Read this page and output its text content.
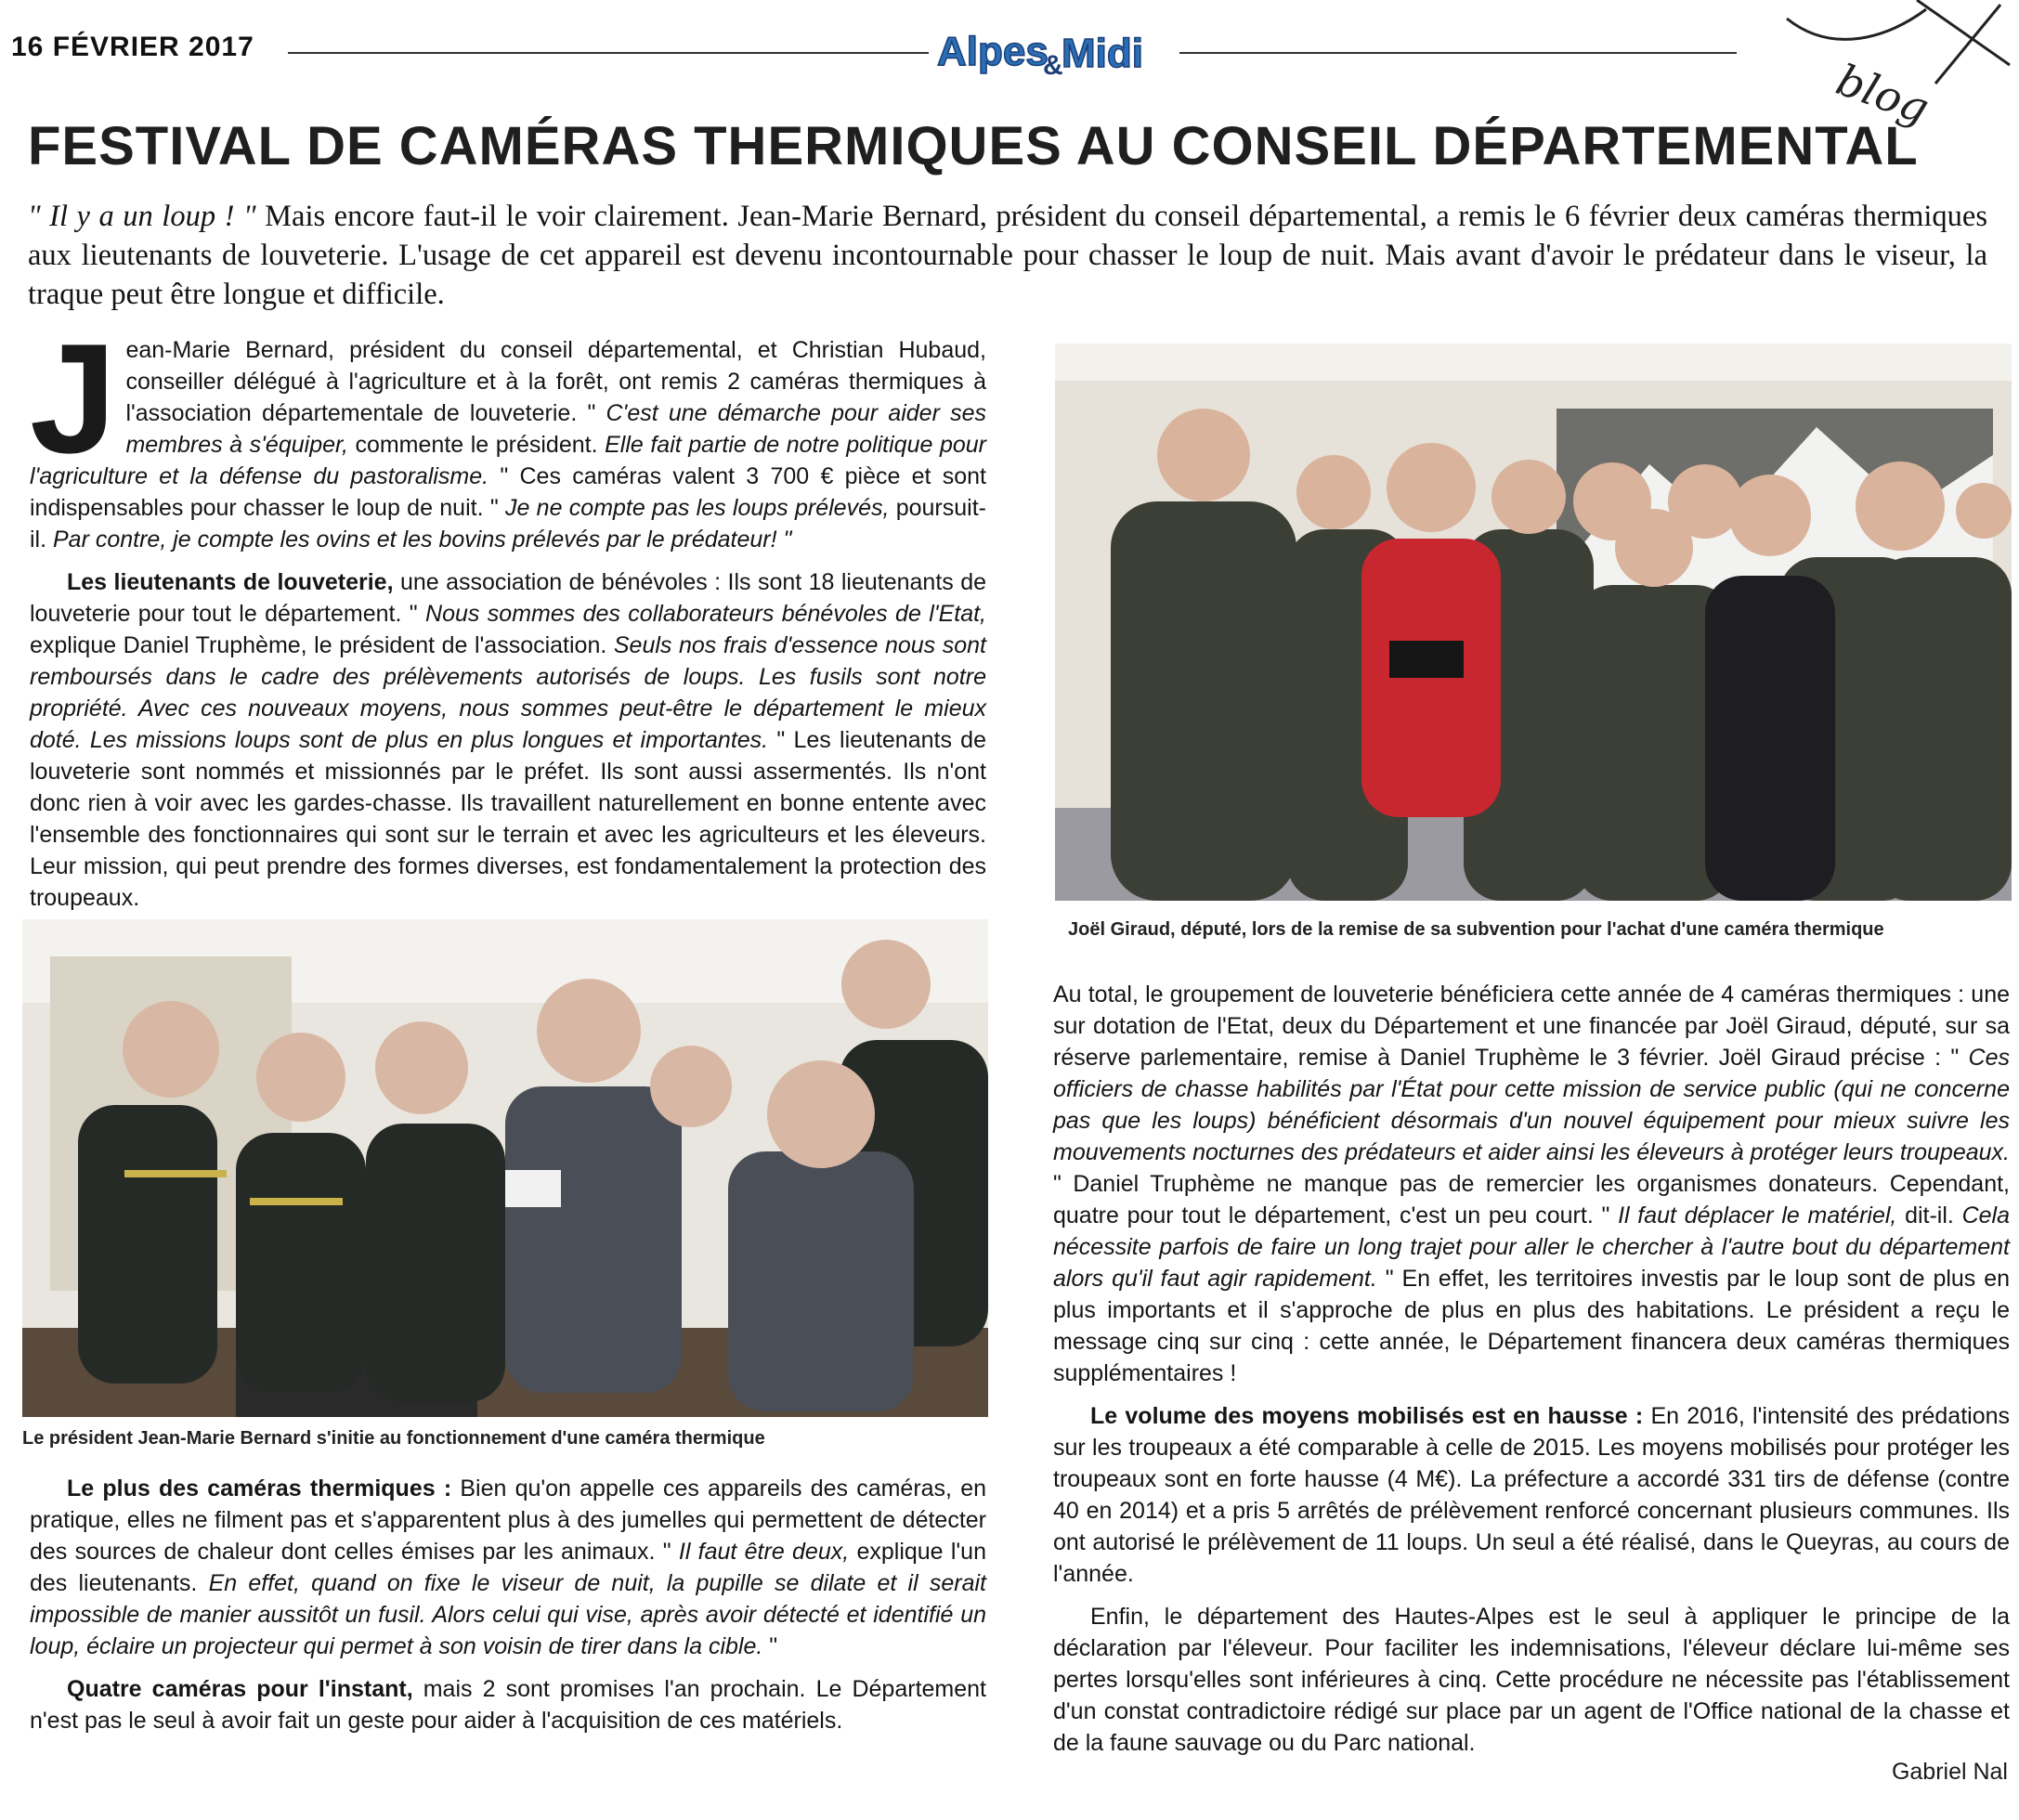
16 FÉVRIER 2017	Alpes
&
Midi
blog
FESTIVAL DE CAMÉRAS THERMIQUES AU CONSEIL DÉPARTEMENTAL
" Il y a un loup ! " Mais encore faut-il le voir clairement. Jean-Marie Bernard, président du conseil départemental, a remis le 6 février deux caméras thermiques aux lieutenants de louveterie. L'usage de cet appareil est devenu incontournable pour chasser le loup de nuit. Mais avant d'avoir le prédateur dans le viseur, la traque peut être longue et difficile.

Jean-Marie Bernard, président du conseil départemental, et Christian Hubaud, conseiller délégué à l'agriculture et à la forêt, ont remis 2 caméras thermiques à l'association départementale de louveterie. " C'est une démarche pour aider ses membres à s'équiper, commente le président. Elle fait partie de notre politique pour l'agriculture et la défense du pastoralisme. " Ces caméras valent 3 700 € pièce et sont indispensables pour chasser le loup de nuit. " Je ne compte pas les loups prélevés, poursuit-il. Par contre, je compte les ovins et les bovins prélevés par le prédateur! "

Les lieutenants de louveterie, une association de bénévoles : Ils sont 18 lieutenants de louveterie pour tout le département. " Nous sommes des collaborateurs bénévoles de l'Etat, explique Daniel Truphème, le président de l'association. Seuls nos frais d'essence nous sont remboursés dans le cadre des prélèvements autorisés de loups. Les fusils sont notre propriété. Avec ces nouveaux moyens, nous sommes peut-être le département le mieux doté. Les missions loups sont de plus en plus longues et importantes. " Les lieutenants de louveterie sont nommés et missionnés par le préfet. Ils sont aussi assermentés. Ils n'ont donc rien à voir avec les gardes-chasse. Ils travaillent naturellement en bonne entente avec l'ensemble des fonctionnaires qui sont sur le terrain et avec les agriculteurs et les éleveurs. Leur mission, qui peut prendre des formes diverses, est fondamentalement la protection des troupeaux.

Le président Jean-Marie Bernard s'initie au fonctionnement d'une caméra thermique

Le plus des caméras thermiques : Bien qu'on appelle ces appareils des caméras, en pratique, elles ne filment pas et s'apparentent plus à des jumelles qui permettent de détecter des sources de chaleur dont celles émises par les animaux. " Il faut être deux, explique l'un des lieutenants. En effet, quand on fixe le viseur de nuit, la pupille se dilate et il serait impossible de manier aussitôt un fusil. Alors celui qui vise, après avoir détecté et identifié un loup, éclaire un projecteur qui permet à son voisin de tirer dans la cible. "

Quatre caméras pour l'instant, mais 2 sont promises l'an prochain. Le Département n'est pas le seul à avoir fait un geste pour aider à l'acquisition de ces matériels.

Joël Giraud, député, lors de la remise de sa subvention pour l'achat d'une caméra thermique

Au total, le groupement de louveterie bénéficiera cette année de 4 caméras thermiques : une sur dotation de l'Etat, deux du Département et une financée par Joël Giraud, député, sur sa réserve parlementaire, remise à Daniel Truphème le 3 février. Joël Giraud précise : " Ces officiers de chasse habilités par l'État pour cette mission de service public (qui ne concerne pas que les loups) bénéficient désormais d'un nouvel équipement pour mieux suivre les mouvements nocturnes des prédateurs et aider ainsi les éleveurs à protéger leurs troupeaux. " Daniel Truphème ne manque pas de remercier les organismes donateurs. Cependant, quatre pour tout le département, c'est un peu court. " Il faut déplacer le matériel, dit-il. Cela nécessite parfois de faire un long trajet pour aller le chercher à l'autre bout du département alors qu'il faut agir rapidement. " En effet, les territoires investis par le loup sont de plus en plus importants et il s'approche de plus en plus des habitations. Le président a reçu le message cinq sur cinq : cette année, le Département financera deux caméras thermiques supplémentaires !

Le volume des moyens mobilisés est en hausse : En 2016, l'intensité des prédations sur les troupeaux a été comparable à celle de 2015. Les moyens mobilisés pour protéger les troupeaux sont en forte hausse (4 M€). La préfecture a accordé 331 tirs de défense (contre 40 en 2014) et a pris 5 arrêtés de prélèvement renforcé concernant plusieurs communes. Ils ont autorisé le prélèvement de 11 loups. Un seul a été réalisé, dans le Queyras, au cours de l'année.

Enfin, le département des Hautes-Alpes est le seul à appliquer le principe de la déclaration par l'éleveur. Pour faciliter les indemnisations, l'éleveur déclare lui-même ses pertes lorsqu'elles sont inférieures à cinq. Cette procédure ne nécessite pas l'établissement d'un constat contradictoire rédigé sur place par un agent de l'Office national de la chasse et de la faune sauvage ou du Parc national.

Gabriel Nal
